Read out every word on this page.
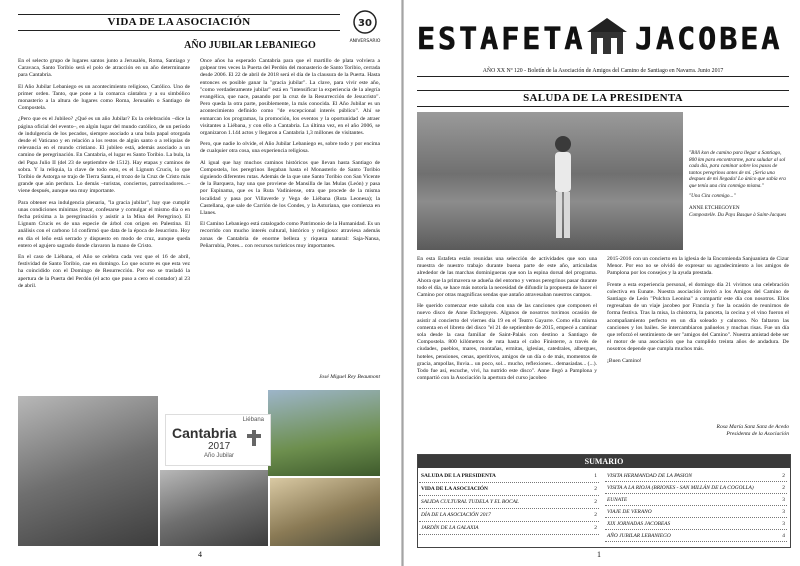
VIDA DE LA ASOCIACIÓN	30
ANIVERSARIO
AÑO JUBILAR LEBANIEGO

En el selecto grupo de lugares santos junto a Jerusalén, Roma, Santiago y Caravaca, Santo Toribio será el polo de atracción en un año determinante para Cantabria.

El Año Jubilar Lebaniego es un acontecimiento religioso, Católico. Uno de primer orden. Tanto, que pone a la comarca cántabra y a su simbólico monasterio a la altura de lugares como Roma, Jerusalén o Santiago de Compostela.

¿Pero que es el Jubileo? ¿Qué es un año Jubilar? Es la celebración –dice la página oficial del evento–, en algún lugar del mundo católico, de un período de indulgencia de los pecados, siempre asociado a una bula papal otorgada desde el Vaticano y en relación a los restos de algún santo o a reliquias de relevancia en el mundo cristiano. El jubileo está, además asociado a un camino de peregrinación. En Cantabria, el lugar es Santo Toribio. La bula, la del Papa Julio II (del 23 de septiembre de 1512). Hay etapas y caminos de sobra. Y la reliquia, la clave de todo esto, es el Lignum Crucis, lo que Toribio de Astorga se trajo de Tierra Santa, el trozo de la Cruz de Cristo más grande que aún perdura. Lo demás –turistas, conciertos, patrocinadores...– viene después, aunque sea muy importante.

Para obtener esa indulgencia plenaria, "la gracia jubilar", hay que cumplir unas condiciones mínimas (rezar, confesarse y comulgar el mismo día o en fecha próxima a la peregrinación y asistir a la Misa del Peregrino). El Lignum Crucis es de una especie de árbol con origen en Palestina. El análisis con el carbono 14 confirmó que data de la época de Jesucristo. Hoy en día el leño está serrado y dispuesto en modo de cruz, aunque queda entero el agujero sagrado donde clavaron la mano de Cristo.

En el caso de Liébana, el Año se celebra cada vez que el 16 de abril, festividad de Santo Toribio, cae en domingo. Lo que ocurre es que esta vez ha coincidido con el Domingo de Resurrección. Por eso se trasladó la apertura de la Puerta del Perdón (el acto que puso a cero el contador) al 23 de abril.

Once años ha esperado Cantabria para que el martillo de plata volviera a golpear tres veces la Puerta del Perdón del monasterio de Santo Toribio, cerrada desde 2006. El 22 de abril de 2018 será el día de la clausura de la Puerta. Hasta entonces es posible ganar la "gracia jubilar". La clave, para vivir este año, "como verdaderamente jubilar" está en "intensificar la experiencia de la alegría evangélica, que nace, pasando por la cruz de la Resurrección de Jesucristo". Pero queda la otra parte, posiblemente, la más conocida. El Año Jubilar es un acontecimiento definido como "de excepcional interés público". Ahí se enmarcan los programas, la promoción, los eventos y la oportunidad de atraer visitantes a Liébana, y con ello a Cantabria. La última vez, en el año 2006, se organizaron 1.144 actos y llegaron a Cantabria 1,3 millones de visitantes.

Pero, que nadie lo olvide, el Año Jubilar Lebaniego es, sobre todo y por encima de cualquier otra cosa, una experiencia religiosa.

Al igual que hay muchos caminos históricos que llevan hasta Santiago de Compostela, los peregrinos llegaban hasta el Monasterio de Santo Toribio siguiendo diferentes rutas. Además de la que une Santo Toribio con San Vicente de la Barquera, hay una que proviene de Mansilla de las Mulas (León) y pasa por Espinama, que es la Ruta Vadiniense, otra que procede de la misma localidad y pasa por Villaverde y Vega de Liébana (Ruta Leonesa); la Castellana, que sale de Carrión de los Condes, y la Asturiana, que comienza en Llanes.

El Camino Lebaniego está catalogado como Patrimonio de la Humanidad. Es un recorrido con mucho interés cultural, histórico y religioso: atraviesa además zonas de Cantabria de enorme belleza y riqueza natural: Saja-Nansa, Peñarrubia, Potes... con recursos turísticos muy importantes.

José Miguel Rey Beaumont
Liébana
Cantabria
2017
Año Jubilar
4
ESTAFETA JACOBEA
AÑO XX Nº 120 - Boletín de la Asociación de Amigos del Camino de Santiago en Navarra. Junio 2017
SALUDA DE LA PRESIDENTA
"Billi kon de camino para llegar a Santiago, 800 km para encontrarme, para saludar al sol cada día, para caminar sobre los pasos de tantos peregrinos antes de mí. ¡Seria una despues de mi llegada! Lo único que sabía era que tenía una cita conmigo misma."
"Una Cita conmigo..."
ANNE ETCHEGOYEN
Compostelle. Du Pays Basque à Saint-Jacques

En esta Estafeta están reunidas una selección de actividades que son una muestra de nuestro trabajo durante buena parte de este año, articuladas alrededor de las marchas dominigueras que son la espina dorsal del programa. Ahora que la primavera se adueña del entorno y vemos peregrinos pasar durante todo el día, se hace más notoria la necesidad de difundir la propuesta de hacer el Camino por otras magníficas sendas que antaño atravesaban nuestros campos.

He querido comenzar este saluda con una de las canciones que componen el nuevo disco de Anne Etchegoyen. Algunos de nosotros tuvimos ocasión de asistir al concierto del viernes día 19 en el Teatro Gayarre. Como ella misma comenta en el libreto del disco "el 21 de septiembre de 2015, empecé a caminar sola desde la casa familiar de Saint-Palais con destino a Santiago de Compostela. 800 kilómetros de ruta hasta el cabo Finisterre, a través de ciudades, pueblos, mares, montañas, ermitas, iglesias, catedrales, albergues, hoteles, pensiones, cenas, aperitivos, amigos de un día o de más, momentos de gracia, ampollas, lluvia... un poco, sol... mucho, reflexiones... demasiadas... (...). Todo fue así, escuche, vivi, ha nutrido este disco". Anne llegó a Pamplona y compartió con la Asociación la apertura del curso jacobeo

2015-2016 con un concierto en la iglesia de la Encomienda Sanjuanista de Cizur Menor. Por eso no se olvidó de expresar su agradecimiento a los amigos de Pamplona por los consejos y la ayuda prestada.

Frente a esta experiencia personal, el domingo día 21 vivimos una celebración colectiva en Eunate. Nuestra asociación invitó a los Amigos del Camino de Santiago de León "Pulchra Leonina" a compartir este día con nosotros. Ellos regresaban de un viaje jacobeo por Francia y fue la ocasión de reunirnos de forma festiva. Tras la misa, la chistorra, la panceta, la cecina y el vino fueron el acompañamiento perfecto en un día soleado y caluroso. No faltaron las canciones y los bailes. Se intercambiaron pañuelos y muchas risas. Fue un día que reforzó el sentimiento de ser "amigos del Camino". Nuestra amistad debe ser el motor de una asociación que ha cumplido treinta años de andadura. De nosotros depende que cumpla muchos más.

¡Buen Camino!

Rosa María Sanz Sanz de Acedo
Presidenta de la Asociación
SUMARIO
SALUDA DE LA PRESIDENTA	1
VIDA DE LA ASOCIACIÓN	2
SALIDA CULTURAL TUDELA Y EL BOCAL	2
DÍA DE LA ASOCIACIÓN 2017	2
JARDÍN DE LA GALAXIA	2
VISITA HERMANDAD DE LA PASION	2
VISITA A LA RIOJA (BRIONES - SAN MILLÁN DE LA COGOLLA)	2
EUNATE	3
VIAJE DE VERANO	3
XIX JORNADAS JACOBEAS	3
AÑO JUBILAR LEBANIEGO	4
1
